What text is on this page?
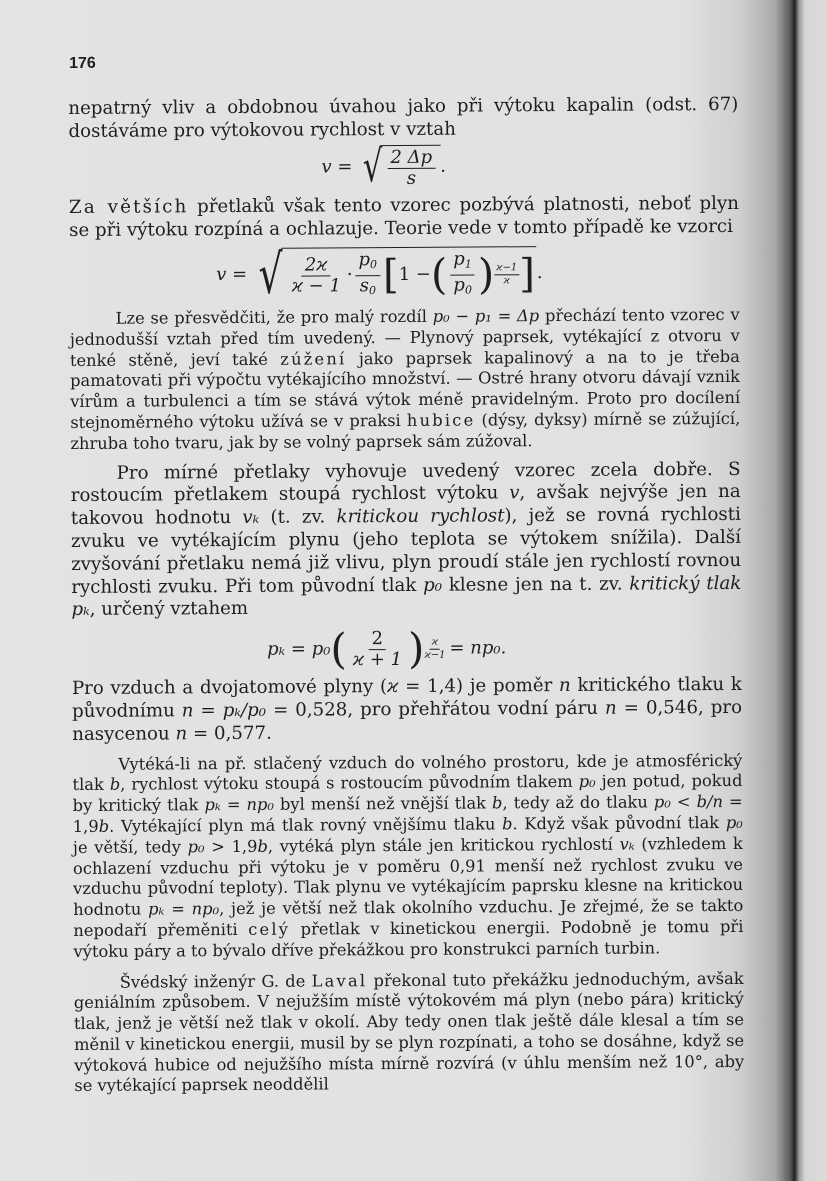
176

nepatrný vliv a obdobnou úvahou jako při výtoku kapalin (odst. 67) dostáváme pro výtokovou rychlost v vztah

v = √ $\frac{2 \Delta p}{s}$ .

Za větších přetlaků však tento vzorec pozbývá platnosti, neboť plyn se při výtoku rozpíná a ochlazuje. Teorie vede v tomto případě ke vzorci

v = √ $\frac{2ϰ}{ϰ - 1} \cdot \frac{p_0}{s_0}$ [ 1 − ( $\frac{p_1}{p_0}$ ) $\frac{ϰ-1}{ϰ}$ ] .

Lze se přesvědčiti, že pro malý rozdíl p₀ − p₁ = Δp přechází tento vzorec v jednodušší vztah před tím uvedený. — Plynový paprsek, vytékající z otvoru v tenké stěně, jeví také zúžení jako paprsek kapalinový a na to je třeba pamatovati při výpočtu vytékajícího množství. — Ostré hrany otvoru dávají vznik vírům a turbulenci a tím se stává výtok méně pravidelným. Proto pro docílení stejnoměrného výtoku užívá se v praksi hubice (dýsy, dyksy) mírně se zúžující, zhruba toho tvaru, jak by se volný paprsek sám zúžoval.

Pro mírné přetlaky vyhovuje uvedený vzorec zcela dobře. S rostoucím přetlakem stoupá rychlost výtoku v, avšak nejvýše jen na takovou hodnotu vₖ (t. zv. kritickou rychlost), jež se rovná rychlosti zvuku ve vytékajícím plynu (jeho teplota se výtokem snížila). Další zvyšování přetlaku nemá již vlivu, plyn proudí stále jen rychlostí rovnou rychlosti zvuku. Při tom původní tlak p₀ klesne jen na t. zv. kritický tlak pₖ, určený vztahem

pₖ = p₀ ( $\frac{2}{ϰ + 1}$ ) $\frac{ϰ}{ϰ-1} = np_0$.

Pro vzduch a dvojatomové plyny (ϰ = 1,4) je poměr n kritického tlaku k původnímu n = pₖ/p₀ = 0,528, pro přehřátou vodní páru n = 0,546, pro nasycenou n = 0,577.

Vytéká-li na př. stlačený vzduch do volného prostoru, kde je atmosférický tlak b, rychlost výtoku stoupá s rostoucím původním tlakem p₀ jen potud, pokud by kritický tlak pₖ = np₀ byl menší než vnější tlak b, tedy až do tlaku p₀ < b/n = 1,9b. Vytékající plyn má tlak rovný vnějšímu tlaku b. Když však původní tlak p₀ je větší, tedy p₀ > 1,9b, vytéká plyn stále jen kritickou rychlostí vₖ (vzhledem k ochlazení vzduchu při výtoku je v poměru 0,91 menší než rychlost zvuku ve vzduchu původní teploty). Tlak plynu ve vytékajícím paprsku klesne na kritickou hodnotu pₖ = np₀, jež je větší než tlak okolního vzduchu. Je zřejmé, že se takto nepodaří přeměniti celý přetlak v kinetickou energii. Podobně je tomu při výtoku páry a to bývalo dříve překážkou pro konstrukci parních turbin.

Švédský inženýr G. de Laval překonal tuto překážku jednoduchým, avšak geniálním způsobem. V nejužším místě výtokovém má plyn (nebo pára) kritický tlak, jenž je větší než tlak v okolí. Aby tedy onen tlak ještě dále klesal a tím se měnil v kinetickou energii, musil by se plyn rozpínati, a toho se dosáhne, když se výtoková hubice od nejužšího místa mírně rozvírá (v úhlu menším než 10°, aby se vytékající paprsek neoddělil
